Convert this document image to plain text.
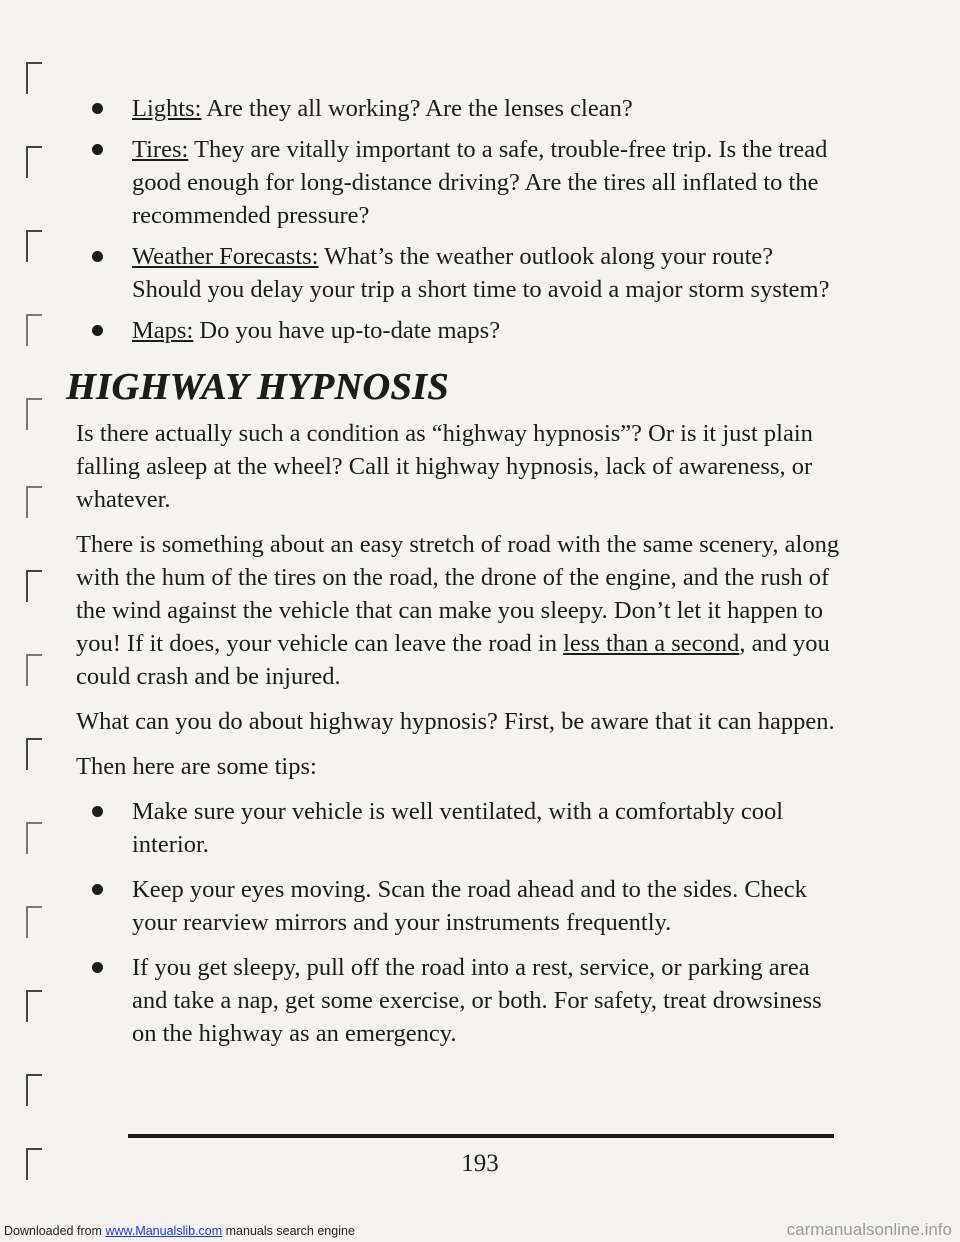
Lights: Are they all working? Are the lenses clean?
Tires: They are vitally important to a safe, trouble-free trip. Is the tread good enough for long-distance driving? Are the tires all inflated to the recommended pressure?
Weather Forecasts: What’s the weather outlook along your route? Should you delay your trip a short time to avoid a major storm system?
Maps: Do you have up-to-date maps?
HIGHWAY HYPNOSIS

Is there actually such a condition as “highway hypnosis”? Or is it just plain falling asleep at the wheel? Call it highway hypnosis, lack of awareness, or whatever.

There is something about an easy stretch of road with the same scenery, along with the hum of the tires on the road, the drone of the engine, and the rush of the wind against the vehicle that can make you sleepy. Don’t let it happen to you! If it does, your vehicle can leave the road in less than a second, and you could crash and be injured.

What can you do about highway hypnosis? First, be aware that it can happen.

Then here are some tips:

Make sure your vehicle is well ventilated, with a comfortably cool interior.
Keep your eyes moving. Scan the road ahead and to the sides. Check your rearview mirrors and your instruments frequently.
If you get sleepy, pull off the road into a rest, service, or parking area and take a nap, get some exercise, or both. For safety, treat drowsiness on the highway as an emergency.
193
Downloaded from www.Manualslib.com manuals search engine	carmanualsonline.info
